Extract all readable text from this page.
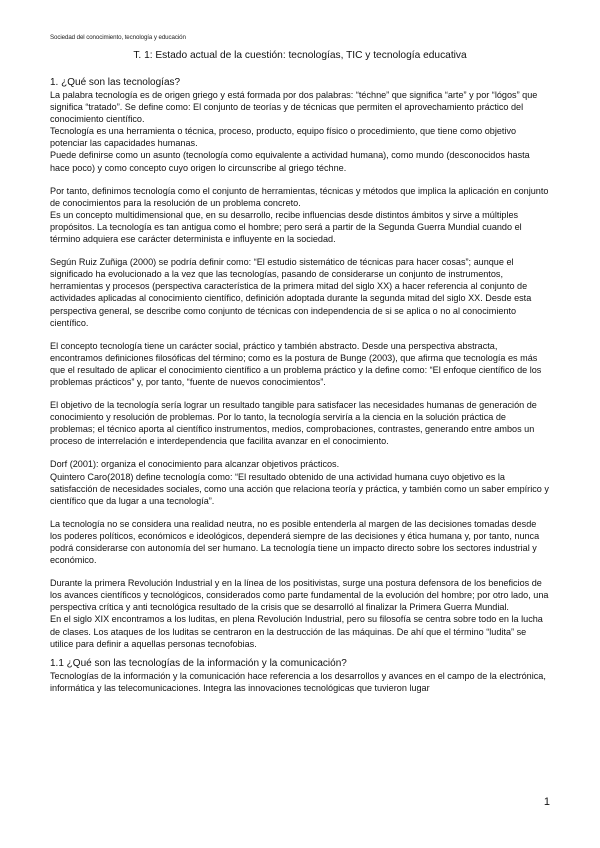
Sociedad del conocimiento, tecnología y educación
T. 1: Estado actual de la cuestión: tecnologías, TIC y tecnología educativa

1. ¿Qué son las tecnologías?

La palabra tecnología es de origen griego y está formada por dos palabras: “téchne” que significa “arte” y por “lógos” que significa “tratado”. Se define como: El conjunto de teorías y de técnicas que permiten el aprovechamiento práctico del conocimiento científico.

Tecnología es una herramienta o técnica, proceso, producto, equipo físico o procedimiento, que tiene como objetivo potenciar las capacidades humanas.

Puede definirse como un asunto (tecnología como equivalente a actividad humana), como mundo (desconocidos hasta hace poco) y como concepto cuyo origen lo circunscribe al griego téchne.

Por tanto, definimos tecnología como el conjunto de herramientas, técnicas y métodos que implica la aplicación en conjunto de conocimientos para la resolución de un problema concreto.

Es un concepto multidimensional que, en su desarrollo, recibe influencias desde distintos ámbitos y sirve a múltiples propósitos. La tecnología es tan antigua como el hombre; pero será a partir de la Segunda Guerra Mundial cuando el término adquiera ese carácter determinista e influyente en la sociedad.

Según Ruiz Zuñiga (2000) se podría definir como: “El estudio sistemático de técnicas para hacer cosas”; aunque el significado ha evolucionado a la vez que las tecnologías, pasando de considerarse un conjunto de instrumentos, herramientas y procesos (perspectiva característica de la primera mitad del siglo XX) a hacer referencia al conjunto de actividades aplicadas al conocimiento científico, definición adoptada durante la segunda mitad del siglo XX. Desde esta perspectiva general, se describe como conjunto de técnicas con independencia de si se aplica o no al conocimiento científico.

El concepto tecnología tiene un carácter social, práctico y también abstracto. Desde una perspectiva abstracta, encontramos definiciones filosóficas del término; como es la postura de Bunge (2003), que afirma que tecnología es más que el resultado de aplicar el conocimiento científico a un problema práctico y la define como: “El enfoque científico de los problemas prácticos” y, por tanto, “fuente de nuevos conocimientos”.

El objetivo de la tecnología sería lograr un resultado tangible para satisfacer las necesidades humanas de generación de conocimiento y resolución de problemas. Por lo tanto, la tecnología serviría a la ciencia en la solución práctica de problemas; el técnico aporta al científico instrumentos, medios, comprobaciones, contrastes, generando entre ambos un proceso de interrelación e interdependencia que facilita avanzar en el conocimiento.

Dorf (2001): organiza el conocimiento para alcanzar objetivos prácticos.

Quintero Caro(2018) define tecnología como: “El resultado obtenido de una actividad humana cuyo objetivo es la satisfacción de necesidades sociales, como una acción que relaciona teoría y práctica, y también como un saber empírico y científico que da lugar a una tecnología”.

La tecnología no se considera una realidad neutra, no es posible entenderla al margen de las decisiones tomadas desde los poderes políticos, económicos e ideológicos, dependerá siempre de las decisiones y ética humana y, por tanto, nunca podrá considerarse con autonomía del ser humano. La tecnología tiene un impacto directo sobre los sectores industrial y económico.

Durante la primera Revolución Industrial y en la línea de los positivistas, surge una postura defensora de los beneficios de los avances científicos y tecnológicos, considerados como parte fundamental de la evolución del hombre; por otro lado, una perspectiva crítica y anti tecnológica resultado de la crisis que se desarrolló al finalizar la Primera Guerra Mundial.

En el siglo XIX encontramos a los luditas, en plena Revolución Industrial, pero su filosofía se centra sobre todo en la lucha de clases. Los ataques de los luditas se centraron en la destrucción de las máquinas. De ahí que el término “ludita” se utilice para definir a aquellas personas tecnofobias.

1.1 ¿Qué son las tecnologías de la información y la comunicación?

Tecnologías de la información y la comunicación hace referencia a los desarrollos y avances en el campo de la electrónica, informática y las telecomunicaciones. Integra las innovaciones tecnológicas que tuvieron lugar

1
